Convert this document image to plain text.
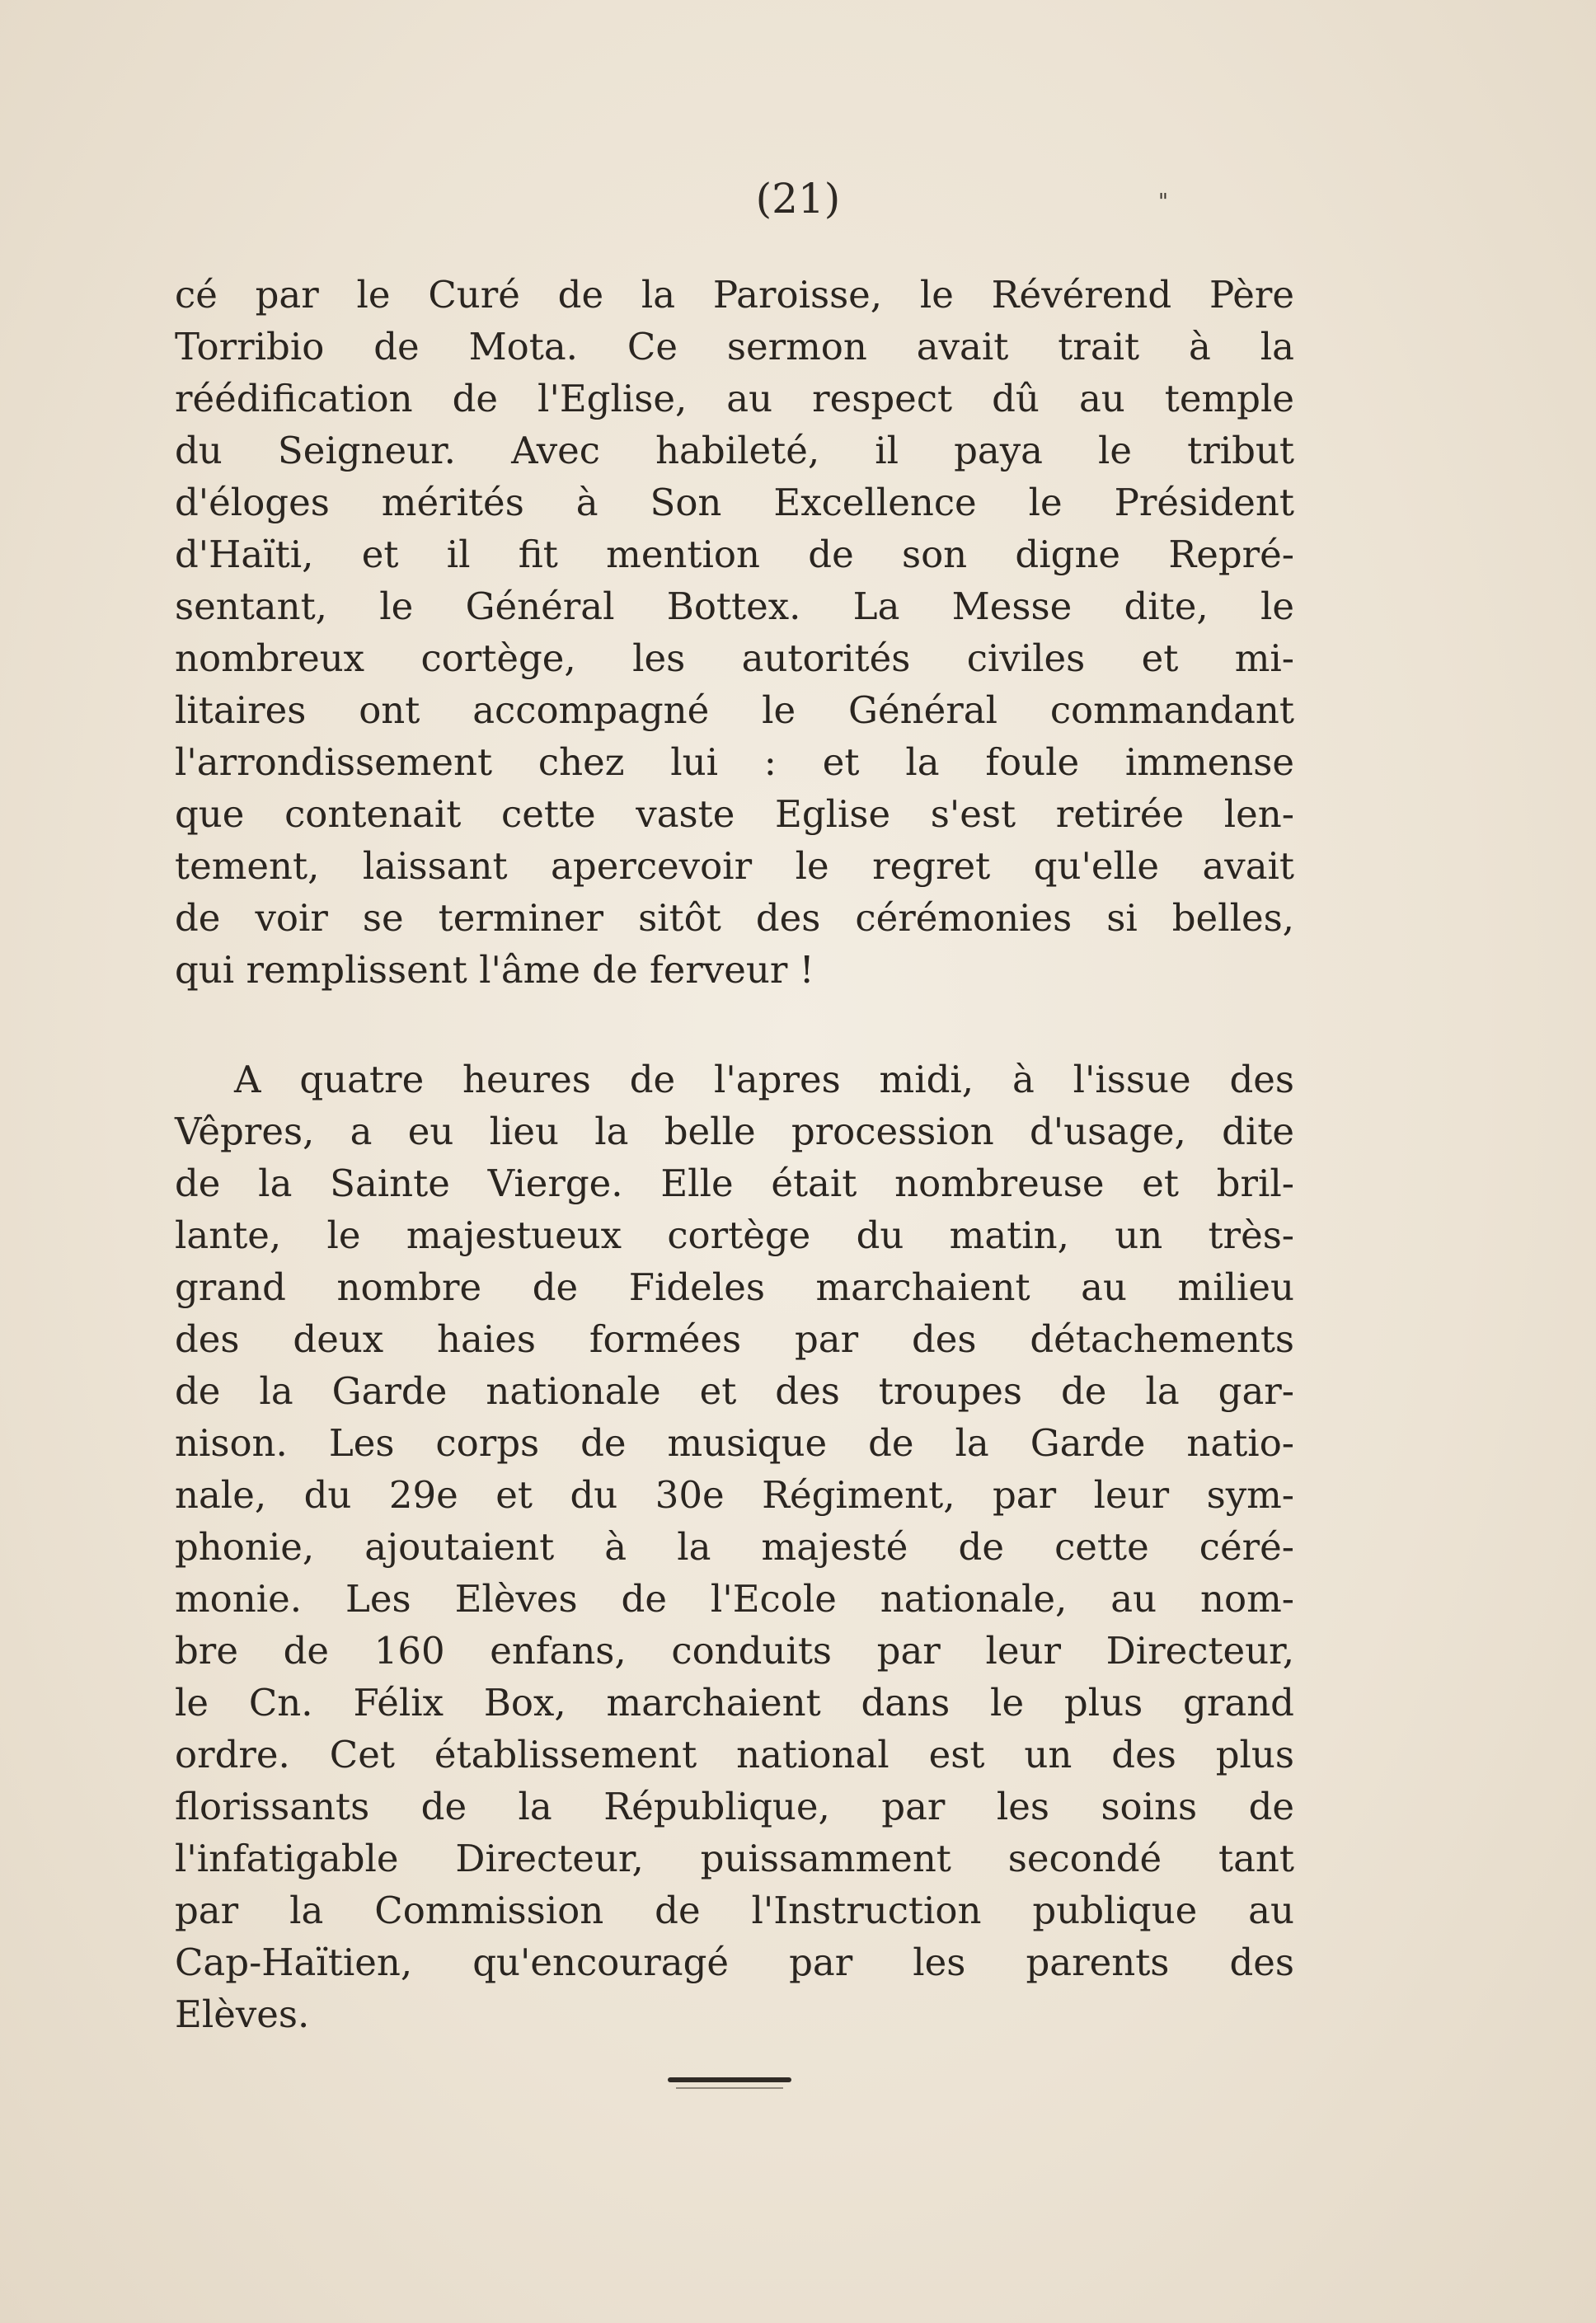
(21)	"

cé par le Curé de la Paroisse, le Révérend Père
Torribio de Mota. Ce sermon avait trait à la
réédification de l'Eglise, au respect dû au temple
du Seigneur. Avec habileté, il paya le tribut
d'éloges mérités à Son Excellence le Président
d'Haïti, et il fit mention de son digne Repré-
sentant, le Général Bottex. La Messe dite, le
nombreux cortège, les autorités civiles et mi-
litaires ont accompagné le Général commandant
l'arrondissement chez lui : et la foule immense
que contenait cette vaste Eglise s'est retirée len-
tement, laissant apercevoir le regret qu'elle avait
de voir se terminer sitôt des cérémonies si belles,
qui remplissent l'âme de ferveur !

A quatre heures de l'apres midi, à l'issue des
Vêpres, a eu lieu la belle procession d'usage, dite
de la Sainte Vierge. Elle était nombreuse et bril-
lante, le majestueux cortège du matin, un très-
grand nombre de Fideles marchaient au milieu
des deux haies formées par des détachements
de la Garde nationale et des troupes de la gar-
nison. Les corps de musique de la Garde natio-
nale, du 29e et du 30e Régiment, par leur sym-
phonie, ajoutaient à la majesté de cette céré-
monie. Les Elèves de l'Ecole nationale, au nom-
bre de 160 enfans, conduits par leur Directeur,
le Cn. Félix Box, marchaient dans le plus grand
ordre. Cet établissement national est un des plus
florissants de la République, par les soins de
l'infatigable Directeur, puissamment secondé tant
par la Commission de l'Instruction publique au
Cap-Haïtien, qu'encouragé par les parents des
Elèves.
